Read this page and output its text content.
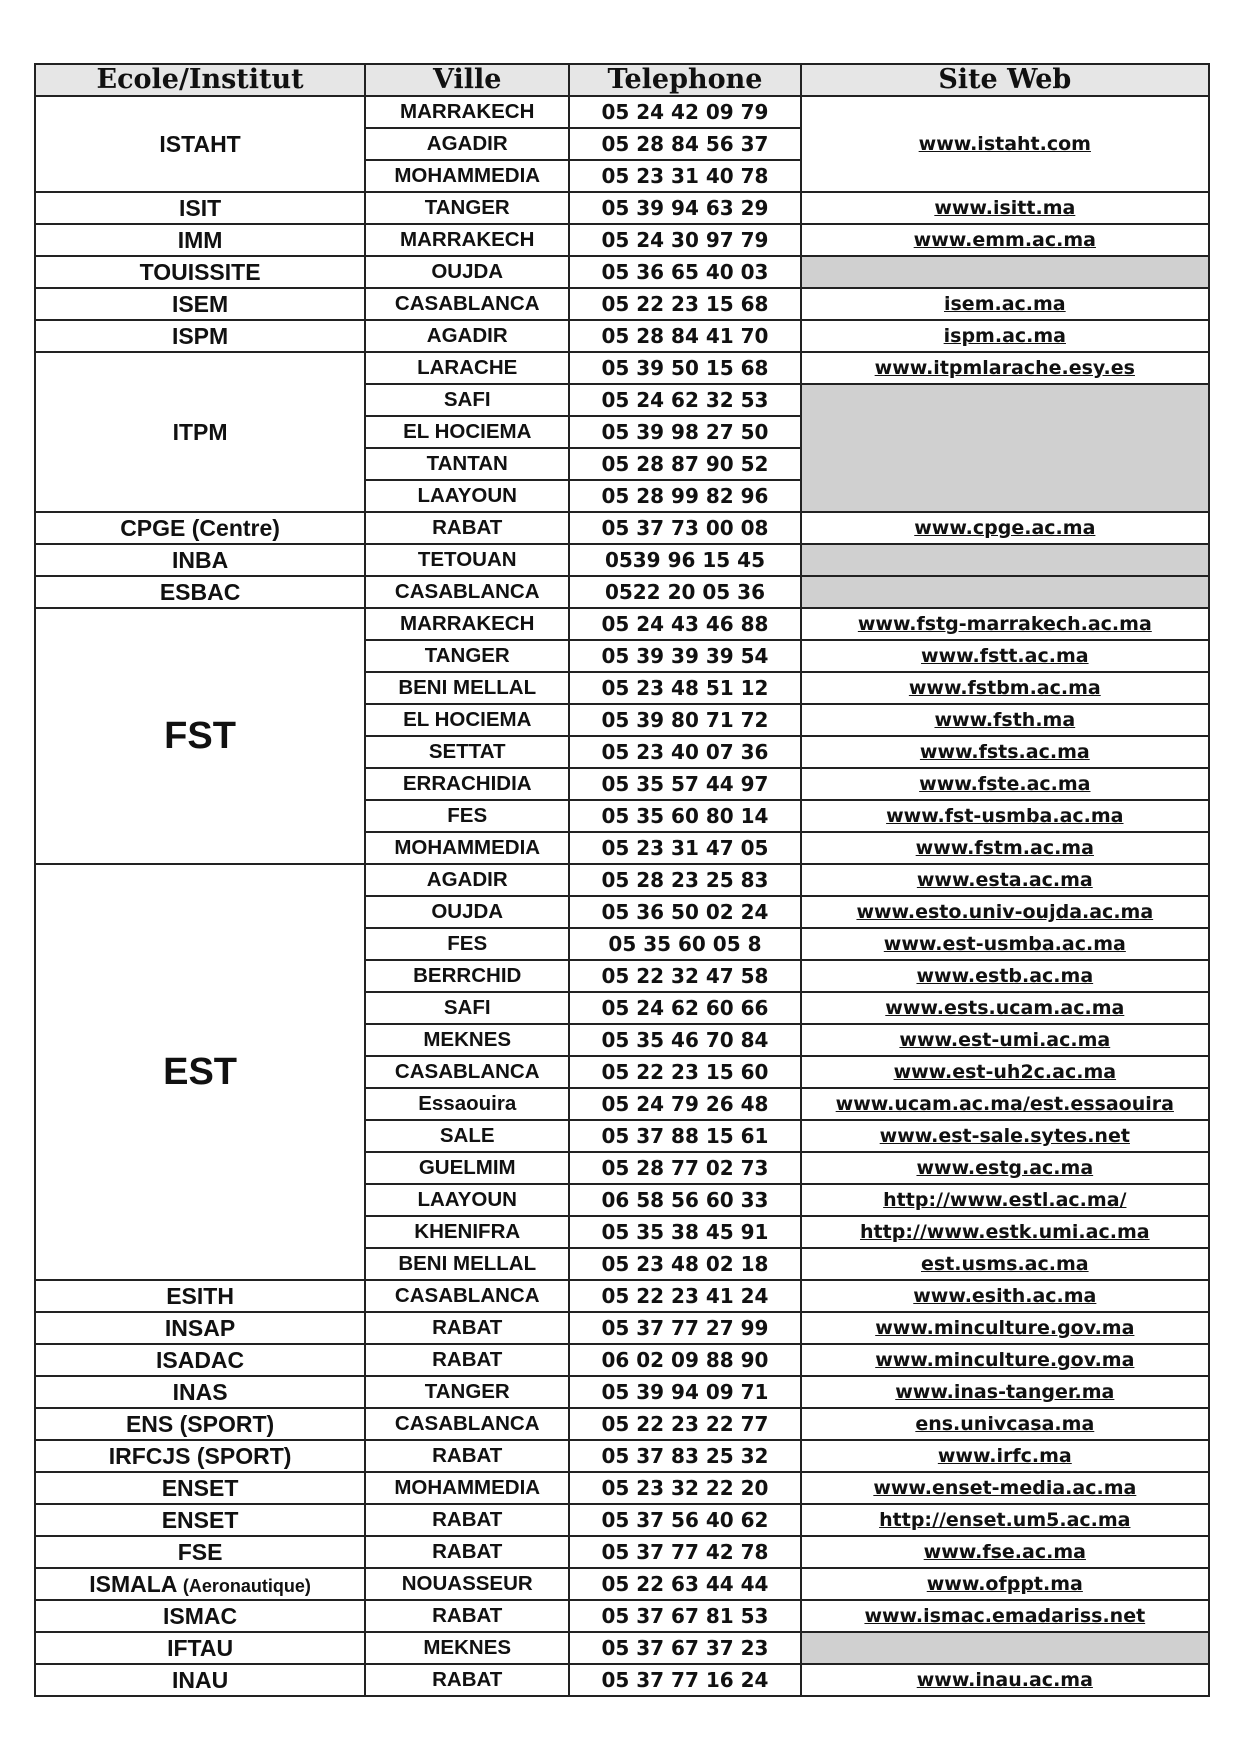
Ecole/Institut	Ville	Telephone	Site Web
ISTAHT	MARRAKECH	05 24 42 09 79	www.istaht.com
	AGADIR	05 28 84 56 37	
	MOHAMMEDIA	05 23 31 40 78	
ISIT	TANGER	05 39 94 63 29	www.isitt.ma
IMM	MARRAKECH	05 24 30 97 79	www.emm.ac.ma
TOUISSITE	OUJDA	05 36 65 40 03	
ISEM	CASABLANCA	05 22 23 15 68	isem.ac.ma
ISPM	AGADIR	05 28 84 41 70	ispm.ac.ma
ITPM	LARACHE	05 39 50 15 68	www.itpmlarache.esy.es
	SAFI	05 24 62 32 53	
	EL HOCIEMA	05 39 98 27 50	
	TANTAN	05 28 87 90 52	
	LAAYOUN	05 28 99 82 96	
CPGE (Centre)	RABAT	05 37 73 00 08	www.cpge.ac.ma
INBA	TETOUAN	0539 96 15 45	
ESBAC	CASABLANCA	0522 20 05 36	
FST	MARRAKECH	05 24 43 46 88	www.fstg-marrakech.ac.ma
	TANGER	05 39 39 39 54	www.fstt.ac.ma
	BENI MELLAL	05 23 48 51 12	www.fstbm.ac.ma
	EL HOCIEMA	05 39 80 71 72	www.fsth.ma
	SETTAT	05 23 40 07 36	www.fsts.ac.ma
	ERRACHIDIA	05 35 57 44 97	www.fste.ac.ma
	FES	05 35 60 80 14	www.fst-usmba.ac.ma
	MOHAMMEDIA	05 23 31 47 05	www.fstm.ac.ma
EST	AGADIR	05 28 23 25 83	www.esta.ac.ma
	OUJDA	05 36 50 02 24	www.esto.univ-oujda.ac.ma
	FES	05 35 60 05 8	www.est-usmba.ac.ma
	BERRCHID	05 22 32 47 58	www.estb.ac.ma
	SAFI	05 24 62 60 66	www.ests.ucam.ac.ma
	MEKNES	05 35 46 70 84	www.est-umi.ac.ma
	CASABLANCA	05 22 23 15 60	www.est-uh2c.ac.ma
	Essaouira	05 24 79 26 48	www.ucam.ac.ma/est.essaouira
	SALE	05 37 88 15 61	www.est-sale.sytes.net
	GUELMIM	05 28 77 02 73	www.estg.ac.ma
	LAAYOUN	06 58 56 60 33	http://www.estl.ac.ma/
	KHENIFRA	05 35 38 45 91	http://www.estk.umi.ac.ma
	BENI MELLAL	05 23 48 02 18	est.usms.ac.ma
ESITH	CASABLANCA	05 22 23 41 24	www.esith.ac.ma
INSAP	RABAT	05 37 77 27 99	www.minculture.gov.ma
ISADAC	RABAT	06 02 09 88 90	www.minculture.gov.ma
INAS	TANGER	05 39 94 09 71	www.inas-tanger.ma
ENS (SPORT)	CASABLANCA	05 22 23 22 77	ens.univcasa.ma
IRFCJS (SPORT)	RABAT	05 37 83 25 32	www.irfc.ma
ENSET	MOHAMMEDIA	05 23 32 22 20	www.enset-media.ac.ma
ENSET	RABAT	05 37 56 40 62	http://enset.um5.ac.ma
FSE	RABAT	05 37 77 42 78	www.fse.ac.ma
ISMALA (Aeronautique)	NOUASSEUR	05 22 63 44 44	www.ofppt.ma
ISMAC	RABAT	05 37 67 81 53	www.ismac.emadariss.net
IFTAU	MEKNES	05 37 67 37 23	
INAU	RABAT	05 37 77 16 24	www.inau.ac.ma
